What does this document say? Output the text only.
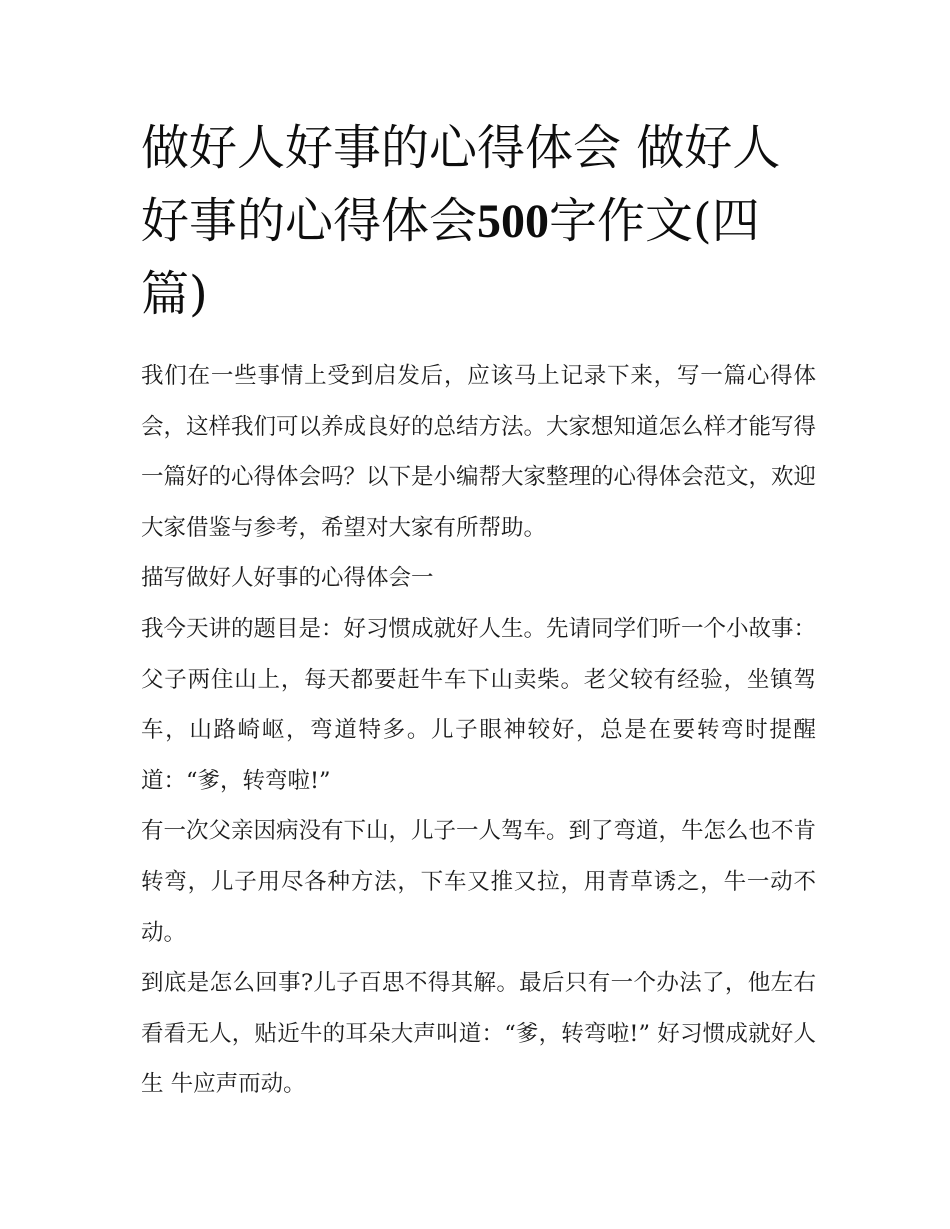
做好人好事的心得体会 做好人好事的心得体会500字作文(四篇)

我们在一些事情上受到启发后，应该马上记录下来，写一篇心得体会，这样我们可以养成良好的总结方法。大家想知道怎么样才能写得一篇好的心得体会吗？以下是小编帮大家整理的心得体会范文，欢迎大家借鉴与参考，希望对大家有所帮助。

描写做好人好事的心得体会一

我今天讲的题目是：好习惯成就好人生。先请同学们听一个小故事：父子两住山上，每天都要赶牛车下山卖柴。老父较有经验，坐镇驾车，山路崎岖，弯道特多。儿子眼神较好，总是在要转弯时提醒道：“爹，转弯啦!”

有一次父亲因病没有下山，儿子一人驾车。到了弯道，牛怎么也不肯转弯，儿子用尽各种方法，下车又推又拉，用青草诱之，牛一动不动。

到底是怎么回事?儿子百思不得其解。最后只有一个办法了，他左右看看无人，贴近牛的耳朵大声叫道：“爹，转弯啦!” 好习惯成就好人生 牛应声而动。
